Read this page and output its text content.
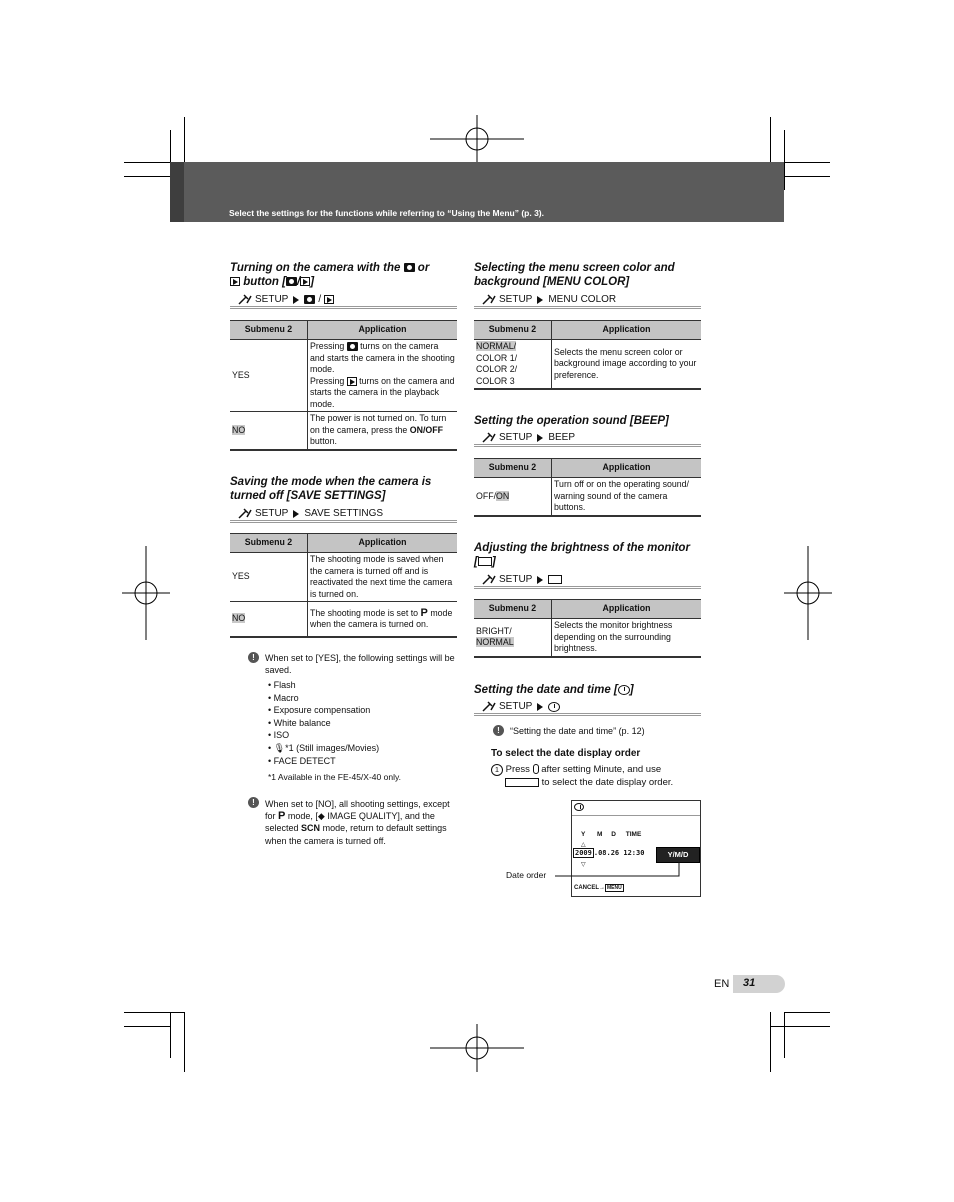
Select the settings for the functions while referring to “Using the Menu” (p. 3).
Turning on the camera with the or
button [ / ]
SETUP	/
Submenu 2	Application
YES	Pressing turns on the camera and starts the camera in the shooting mode.
Pressing turns on the camera and starts the camera in the playback mode.
NO	The power is not turned on. To turn on the camera, press the ON/OFF button.
Saving the mode when the camera is
turned off [SAVE SETTINGS]
SETUP SAVE SETTINGS
Submenu 2	Application
YES	The shooting mode is saved when the camera is turned off and is reactivated the next time the camera is turned on.
NO	The shooting mode is set to P mode when the camera is turned on.
!	When set to [YES], the following settings will be saved.
• Flash
• Macro
• Exposure compensation
• White balance
• ISO
• 🎙*1 (Still images/Movies)
• FACE DETECT
*1 Available in the FE-45/X-40 only.
!	When set to [NO], all shooting settings, except for P mode, [◆ IMAGE QUALITY], and the selected SCN mode, return to default settings when the camera is turned off.
Selecting the menu screen color and
background [MENU COLOR]
SETUP MENU COLOR
Submenu 2	Application
NORMAL/
COLOR 1/
COLOR 2/
COLOR 3	Selects the menu screen color or background image according to your preference.
Setting the operation sound [BEEP]
SETUP BEEP
Submenu 2	Application
OFF/ON	Turn off or on the operating sound/ warning sound of the camera buttons.
Adjusting the brightness of the monitor
[ ]
SETUP
Submenu 2	Application
BRIGHT/
NORMAL	Selects the monitor brightness depending on the surrounding brightness.
Setting the date and time [ ]
SETUP
!	“Setting the date and time” (p. 12)
To select the date display order
1 Press after setting Minute, and use
to select the date display order.
Y M D TIME
△
2009 .08.26 12:30	Y/M/D
▽
CANCEL→ MENU
Date order
EN 31
